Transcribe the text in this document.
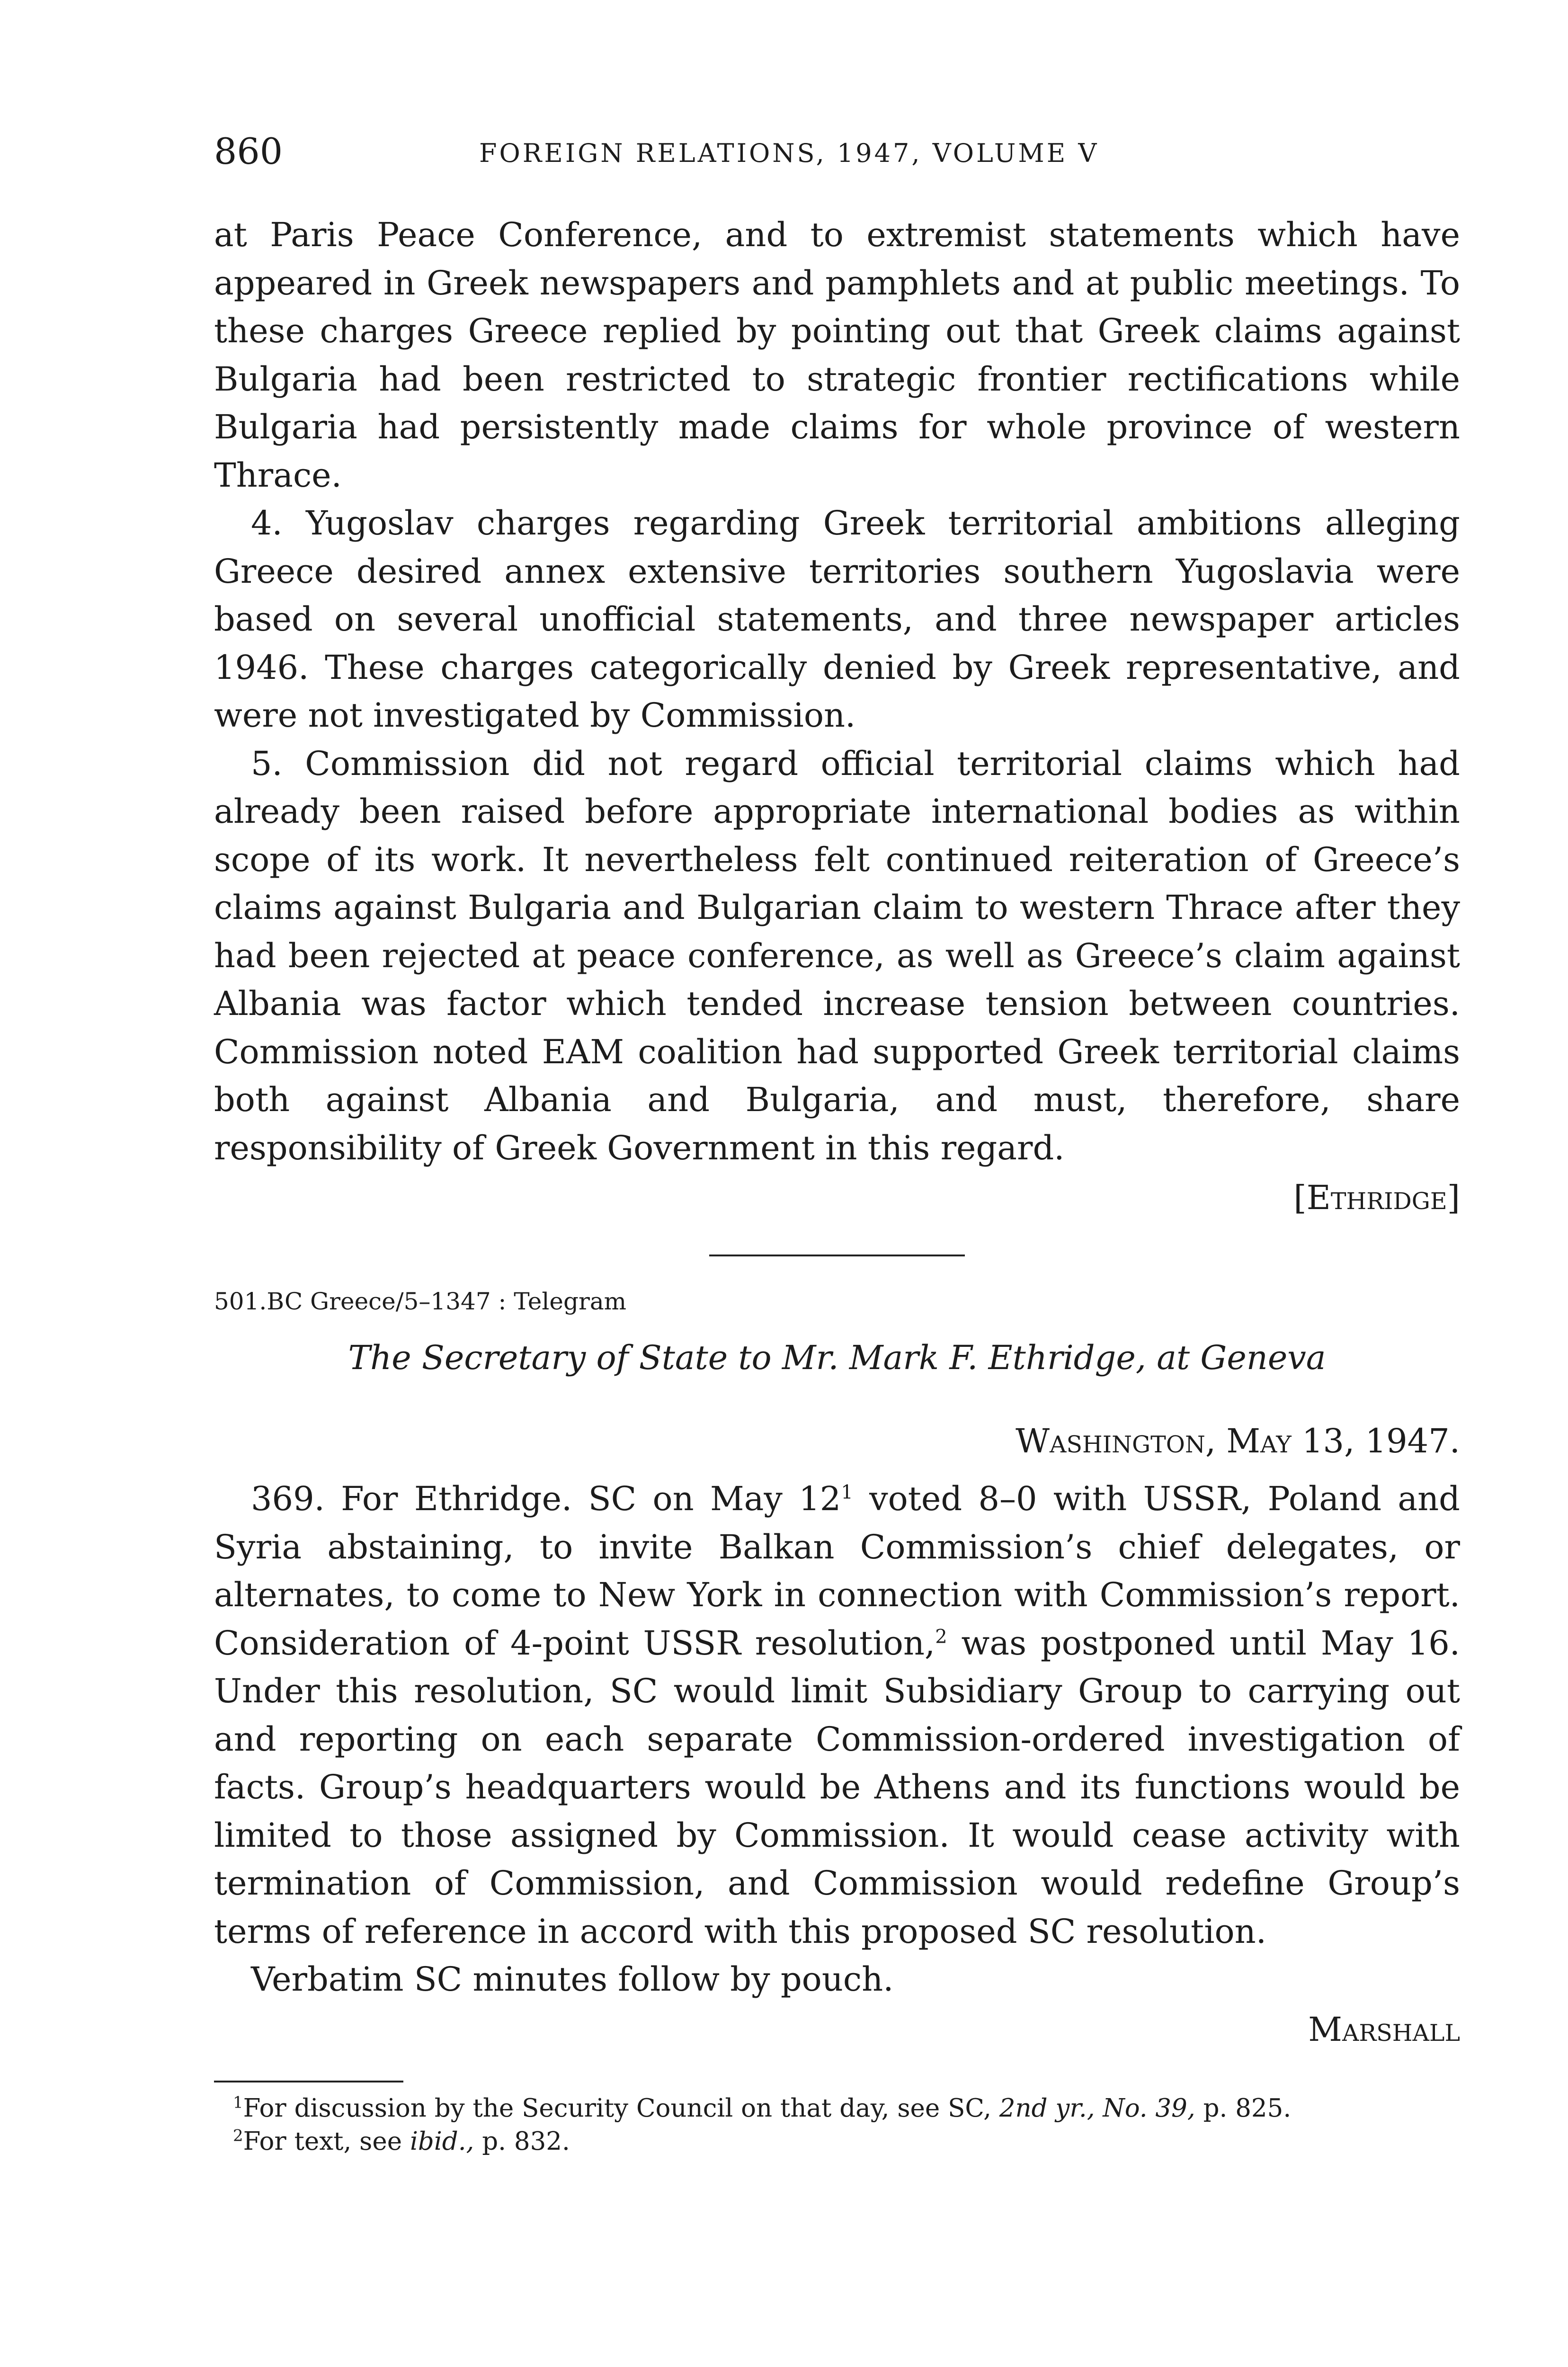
860	FOREIGN RELATIONS, 1947, VOLUME V

at Paris Peace Conference, and to extremist statements which have appeared in Greek newspapers and pamphlets and at public meetings. To these charges Greece replied by pointing out that Greek claims against Bulgaria had been restricted to strategic frontier rectifications while Bulgaria had persistently made claims for whole province of western Thrace.

4. Yugoslav charges regarding Greek territorial ambitions alleging Greece desired annex extensive territories southern Yugoslavia were based on several unofficial statements, and three newspaper articles 1946. These charges categorically denied by Greek representative, and were not investigated by Commission.

5. Commission did not regard official territorial claims which had already been raised before appropriate international bodies as within scope of its work. It nevertheless felt continued reiteration of Greece’s claims against Bulgaria and Bulgarian claim to western Thrace after they had been rejected at peace conference, as well as Greece’s claim against Albania was factor which tended increase tension between countries. Commission noted EAM coalition had supported Greek territorial claims both against Albania and Bulgaria, and must, therefore, share responsibility of Greek Government in this regard.

[Ethridge]
501.BC Greece/5–1347 : Telegram
The Secretary of State to Mr. Mark F. Ethridge, at Geneva
Washington, May 13, 1947.

369. For Ethridge. SC on May $12^1$ voted 8–0 with USSR, Poland and Syria abstaining, to invite Balkan Commission’s chief delegates, or alternates, to come to New York in connection with Commission’s report. Consideration of 4-point USSR resolution,$^2$ was postponed until May 16. Under this resolution, SC would limit Subsidiary Group to carrying out and reporting on each separate Commission-ordered investigation of facts. Group’s headquarters would be Athens and its functions would be limited to those assigned by Commission. It would cease activity with termination of Commission, and Commission would redefine Group’s terms of reference in accord with this proposed SC resolution.

Verbatim SC minutes follow by pouch.

Marshall
$^1$For discussion by the Security Council on that day, see SC, 2nd yr., No. 39, p. 825.
$^2$For text, see ibid., p. 832.
